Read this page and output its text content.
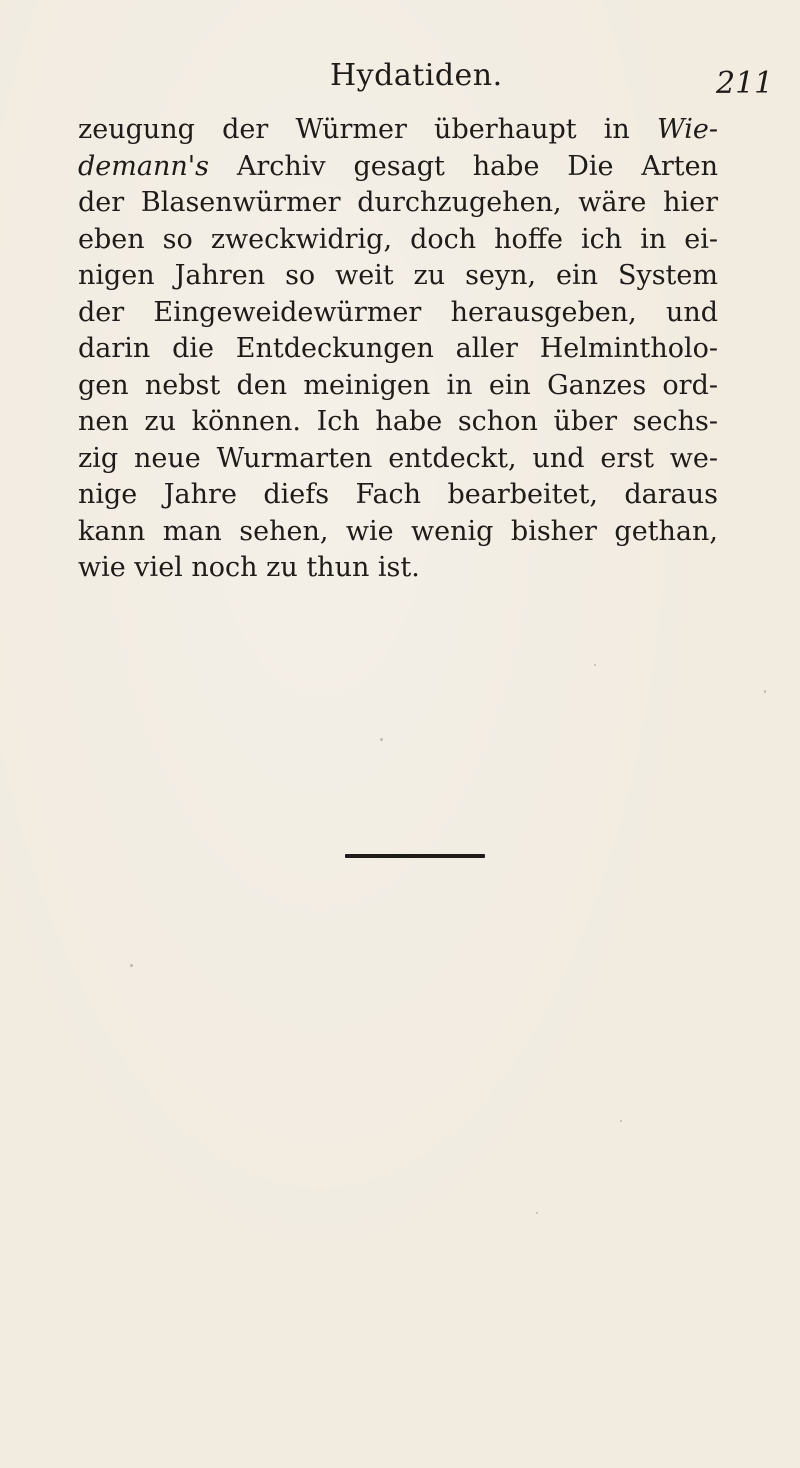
Hydatiden.	211
zeugung der Würmer überhaupt in Wie-
demann's Archiv gesagt habe Die Arten
der Blasenwürmer durchzugehen, wäre hier
eben so zweckwidrig, doch hoffe ich in ei-
nigen Jahren so weit zu seyn, ein System
der Eingeweidewürmer herausgeben, und
darin die Entdeckungen aller Helmintholo-
gen nebst den meinigen in ein Ganzes ord-
nen zu können. Ich habe schon über sechs-
zig neue Wurmarten entdeckt, und erst we-
nige Jahre diefs Fach bearbeitet, daraus
kann man sehen, wie wenig bisher gethan,
wie viel noch zu thun ist.
